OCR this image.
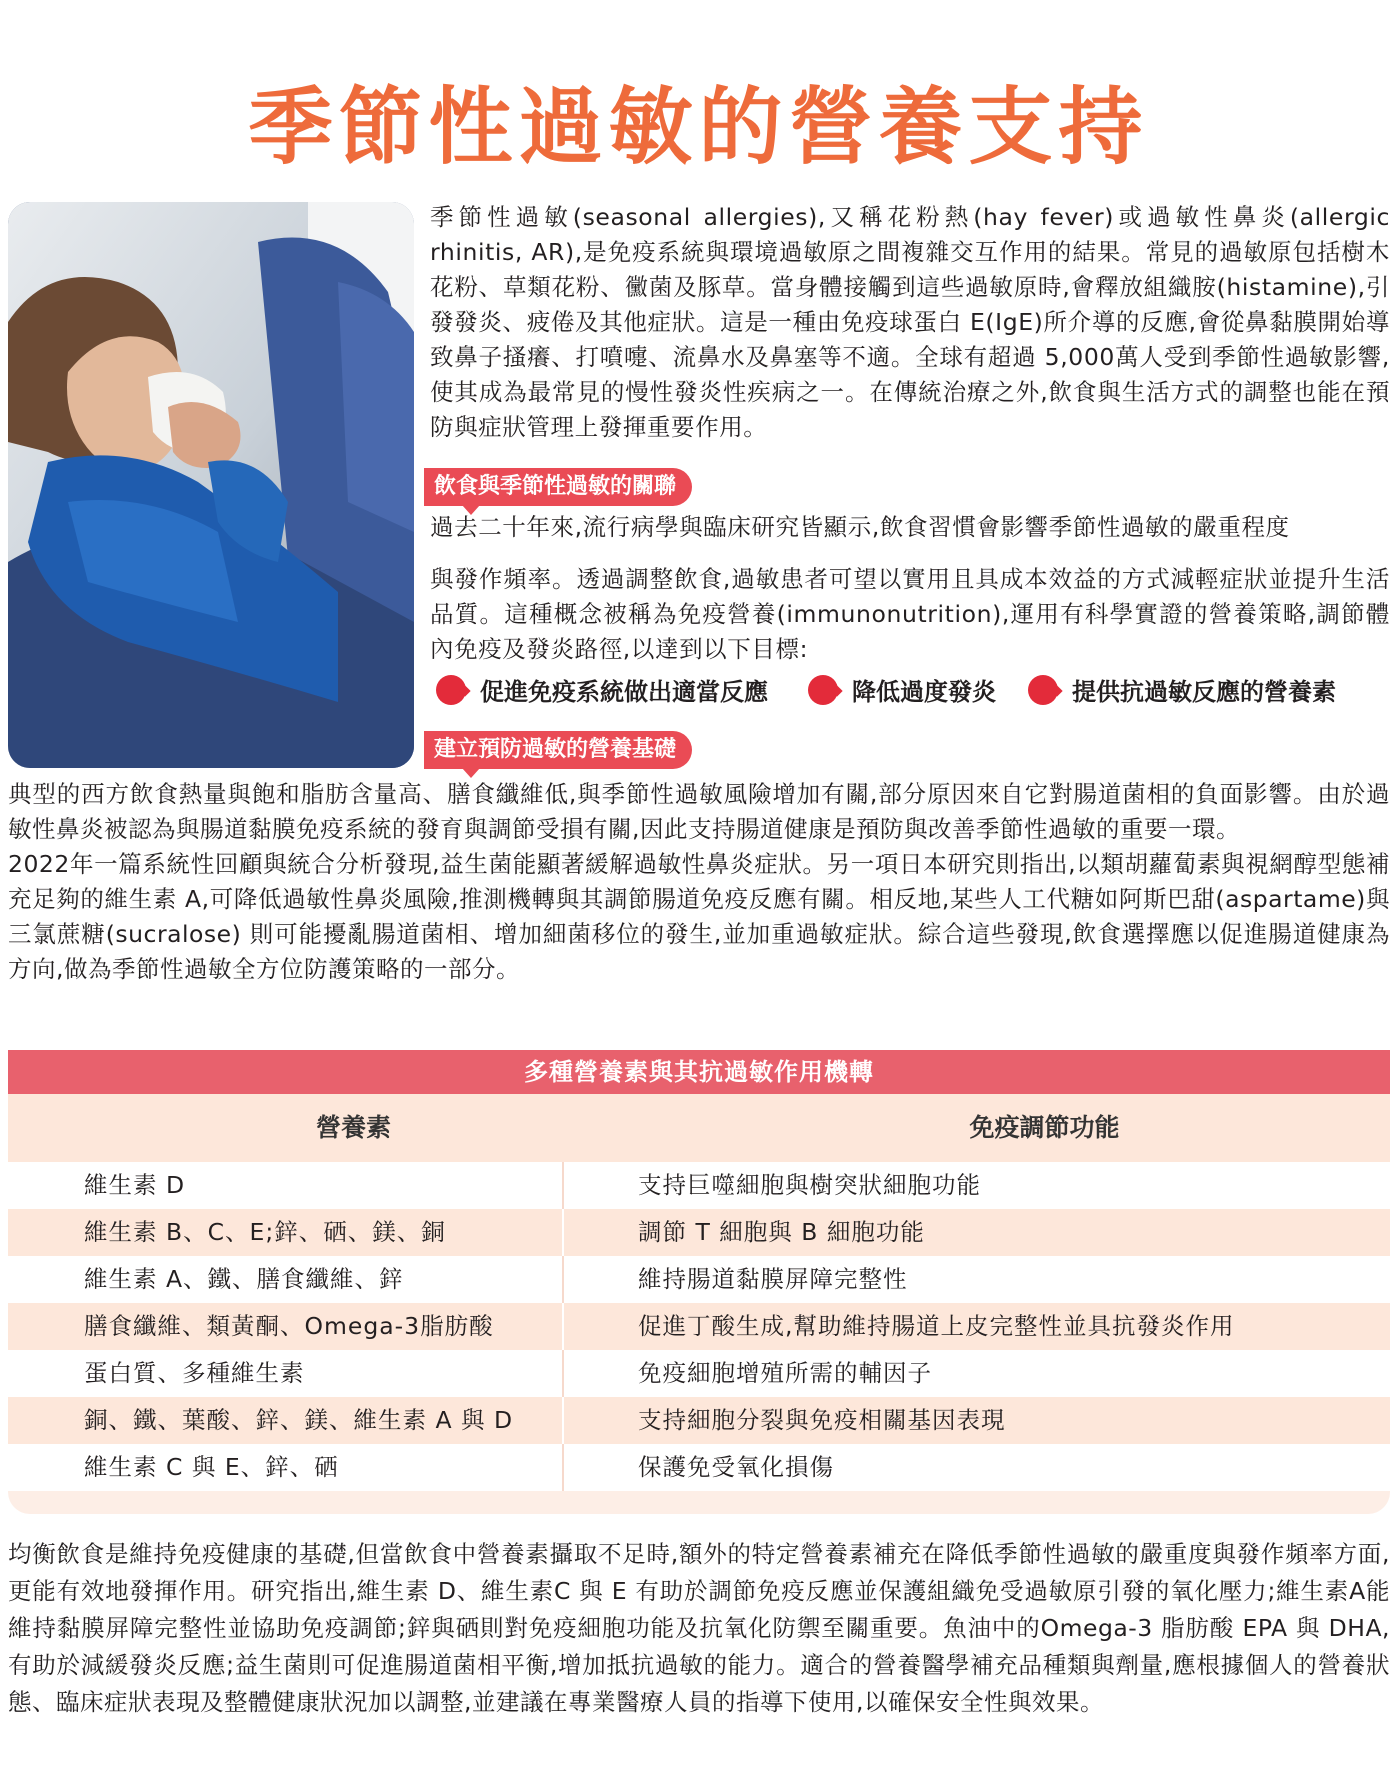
季節性過敏的營養支持

季節性過敏(seasonal allergies),又稱花粉熱(hay fever)或過敏性鼻炎(allergic rhinitis, AR),是免疫系統與環境過敏原之間複雜交互作用的結果。常見的過敏原包括樹木花粉、草類花粉、黴菌及豚草。當身體接觸到這些過敏原時,會釋放組織胺(histamine),引發發炎、疲倦及其他症狀。這是一種由免疫球蛋白 E(IgE)所介導的反應,會從鼻黏膜開始導致鼻子搔癢、打噴嚏、流鼻水及鼻塞等不適。全球有超過 5,000萬人受到季節性過敏影響,使其成為最常見的慢性發炎性疾病之一。在傳統治療之外,飲食與生活方式的調整也能在預防與症狀管理上發揮重要作用。

飲食與季節性過敏的關聯

過去二十年來,流行病學與臨床研究皆顯示,飲食習慣會影響季節性過敏的嚴重程度

與發作頻率。透過調整飲食,過敏患者可望以實用且具成本效益的方式減輕症狀並提升生活品質。這種概念被稱為免疫營養(immunonutrition),運用有科學實證的營養策略,調節體內免疫及發炎路徑,以達到以下目標:

促進免疫系統做出適當反應	降低過度發炎	提供抗過敏反應的營養素
建立預防過敏的營養基礎

典型的西方飲食熱量與飽和脂肪含量高、膳食纖維低,與季節性過敏風險增加有關,部分原因來自它對腸道菌相的負面影響。由於過敏性鼻炎被認為與腸道黏膜免疫系統的發育與調節受損有關,因此支持腸道健康是預防與改善季節性過敏的重要一環。

2022年一篇系統性回顧與統合分析發現,益生菌能顯著緩解過敏性鼻炎症狀。另一項日本研究則指出,以類胡蘿蔔素與視網醇型態補充足夠的維生素 A,可降低過敏性鼻炎風險,推測機轉與其調節腸道免疫反應有關。相反地,某些人工代糖如阿斯巴甜(aspartame)與三氯蔗糖(sucralose) 則可能擾亂腸道菌相、增加細菌移位的發生,並加重過敏症狀。綜合這些發現,飲食選擇應以促進腸道健康為方向,做為季節性過敏全方位防護策略的一部分。

多種營養素與其抗過敏作用機轉
營養素	免疫調節功能
維生素 D	支持巨噬細胞與樹突狀細胞功能
維生素 B、C、E;鋅、硒、鎂、銅	調節 T 細胞與 B 細胞功能
維生素 A、鐵、膳食纖維、鋅	維持腸道黏膜屏障完整性
膳食纖維、類黃酮、Omega-3脂肪酸	促進丁酸生成,幫助維持腸道上皮完整性並具抗發炎作用
蛋白質、多種維生素	免疫細胞增殖所需的輔因子
銅、鐵、葉酸、鋅、鎂、維生素 A 與 D	支持細胞分裂與免疫相關基因表現
維生素 C 與 E、鋅、硒	保護免受氧化損傷

均衡飲食是維持免疫健康的基礎,但當飲食中營養素攝取不足時,額外的特定營養素補充在降低季節性過敏的嚴重度與發作頻率方面,更能有效地發揮作用。研究指出,維生素 D、維生素C 與 E 有助於調節免疫反應並保護組織免受過敏原引發的氧化壓力;維生素A能維持黏膜屏障完整性並協助免疫調節;鋅與硒則對免疫細胞功能及抗氧化防禦至關重要。魚油中的Omega-3 脂肪酸 EPA 與 DHA,有助於減緩發炎反應;益生菌則可促進腸道菌相平衡,增加抵抗過敏的能力。適合的營養醫學補充品種類與劑量,應根據個人的營養狀態、臨床症狀表現及整體健康狀況加以調整,並建議在專業醫療人員的指導下使用,以確保安全性與效果。
